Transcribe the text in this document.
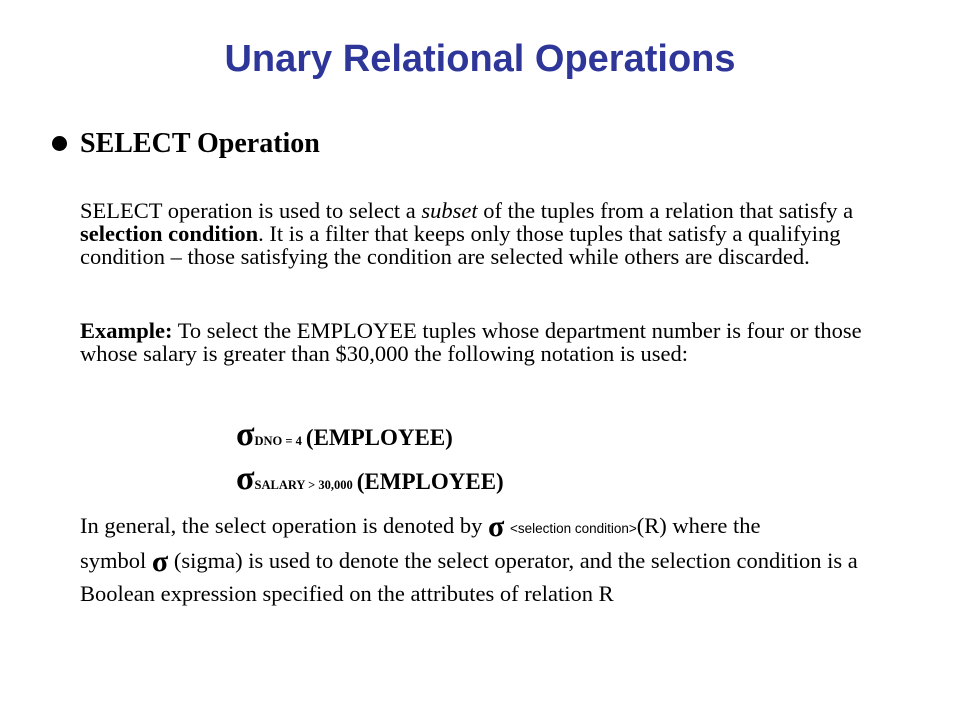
Unary Relational Operations
SELECT Operation

SELECT operation is used to select a subset of the tuples from a relation that satisfy a selection condition. It is a filter that keeps only those tuples that satisfy a qualifying condition – those satisfying the condition are selected while others are discarded.

Example: To select the EMPLOYEE tuples whose department number is four or those whose salary is greater than $30,000 the following notation is used:

σDNO = 4 (EMPLOYEE)
σSALARY > 30,000 (EMPLOYEE)

In general, the select operation is denoted by σ <selection condition>(R) where the
symbol σ (sigma) is used to denote the select operator, and the selection condition is a Boolean expression specified on the attributes of relation R
